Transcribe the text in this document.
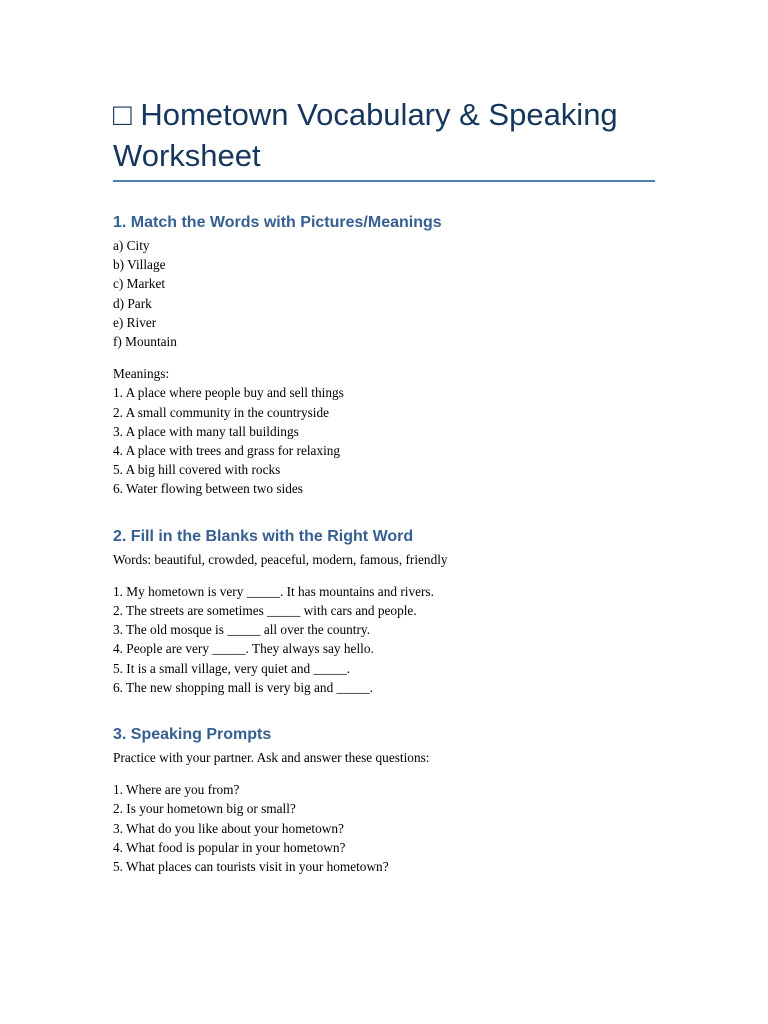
□ Hometown Vocabulary & Speaking Worksheet
1. Match the Words with Pictures/Meanings
a) City
b) Village
c) Market
d) Park
e) River
f) Mountain

Meanings:

1. A place where people buy and sell things
2. A small community in the countryside
3. A place with many tall buildings
4. A place with trees and grass for relaxing
5. A big hill covered with rocks
6. Water flowing between two sides
2. Fill in the Blanks with the Right Word

Words: beautiful, crowded, peaceful, modern, famous, friendly

1. My hometown is very _____. It has mountains and rivers.
2. The streets are sometimes _____ with cars and people.
3. The old mosque is _____ all over the country.
4. People are very _____. They always say hello.
5. It is a small village, very quiet and _____.
6. The new shopping mall is very big and _____.
3. Speaking Prompts

Practice with your partner. Ask and answer these questions:

1. Where are you from?
2. Is your hometown big or small?
3. What do you like about your hometown?
4. What food is popular in your hometown?
5. What places can tourists visit in your hometown?
